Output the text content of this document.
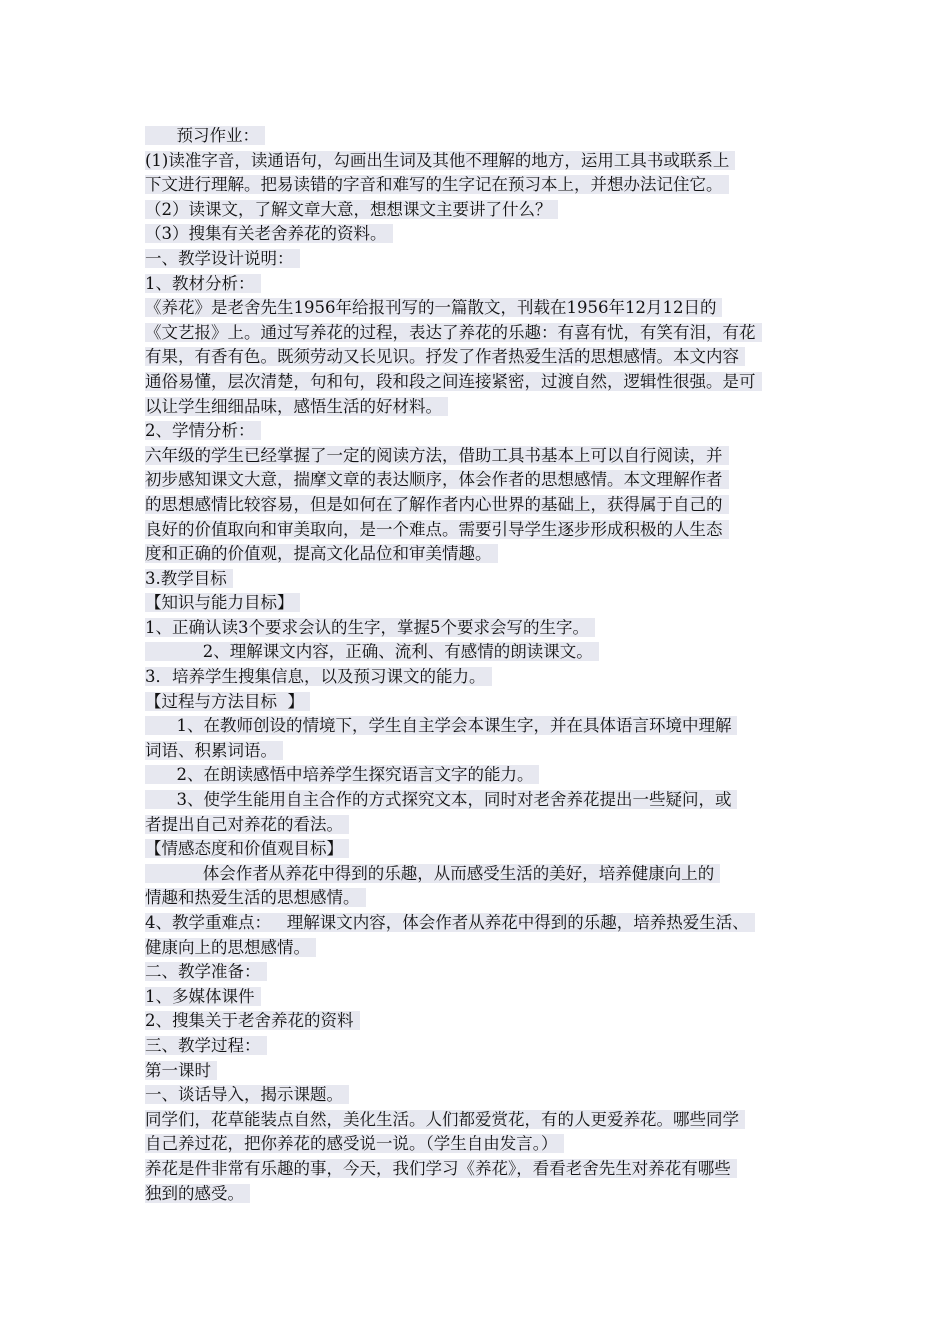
预习作业：
(1)读准字音，读通语句，勾画出生词及其他不理解的地方，运用工具书或联系上
下文进行理解。把易读错的字音和难写的生字记在预习本上，并想办法记住它。
（2）读课文，了解文章大意，想想课文主要讲了什么？
（3）搜集有关老舍养花的资料。
一、教学设计说明：
1、教材分析：
《养花》是老舍先生1956年给报刊写的一篇散文，刊载在1956年12月12日的
《文艺报》上。通过写养花的过程，表达了养花的乐趣：有喜有忧，有笑有泪，有花
有果，有香有色。既须劳动又长见识。抒发了作者热爱生活的思想感情。本文内容
通俗易懂，层次清楚，句和句，段和段之间连接紧密，过渡自然，逻辑性很强。是可
以让学生细细品味，感悟生活的好材料。
2、学情分析：
六年级的学生已经掌握了一定的阅读方法，借助工具书基本上可以自行阅读，并
初步感知课文大意，揣摩文章的表达顺序，体会作者的思想感情。本文理解作者
的思想感情比较容易，但是如何在了解作者内心世界的基础上，获得属于自己的
良好的价值取向和审美取向，是一个难点。需要引导学生逐步形成积极的人生态
度和正确的价值观，提高文化品位和审美情趣。
3.教学目标
【知识与能力目标】
1、正确认读3个要求会认的生字，掌握5个要求会写的生字。
2、理解课文内容，正确、流利、有感情的朗读课文。
3．培养学生搜集信息，以及预习课文的能力。
【过程与方法目标  】
1、在教师创设的情境下，学生自主学会本课生字，并在具体语言环境中理解
词语、积累词语。
2、在朗读感悟中培养学生探究语言文字的能力。
3、使学生能用自主合作的方式探究文本，同时对老舍养花提出一些疑问，或
者提出自己对养花的看法。
【情感态度和价值观目标】
体会作者从养花中得到的乐趣，从而感受生活的美好，培养健康向上的
情趣和热爱生活的思想感情。
4、教学重难点：   理解课文内容，体会作者从养花中得到的乐趣，培养热爱生活、
健康向上的思想感情。
二、教学准备：
1、多媒体课件
2、搜集关于老舍养花的资料
三、教学过程：
第一课时
一、谈话导入，揭示课题。
同学们，花草能装点自然，美化生活。人们都爱赏花，有的人更爱养花。哪些同学
自己养过花，把你养花的感受说一说。（学生自由发言。）
养花是件非常有乐趣的事，今天，我们学习《养花》，看看老舍先生对养花有哪些
独到的感受。
